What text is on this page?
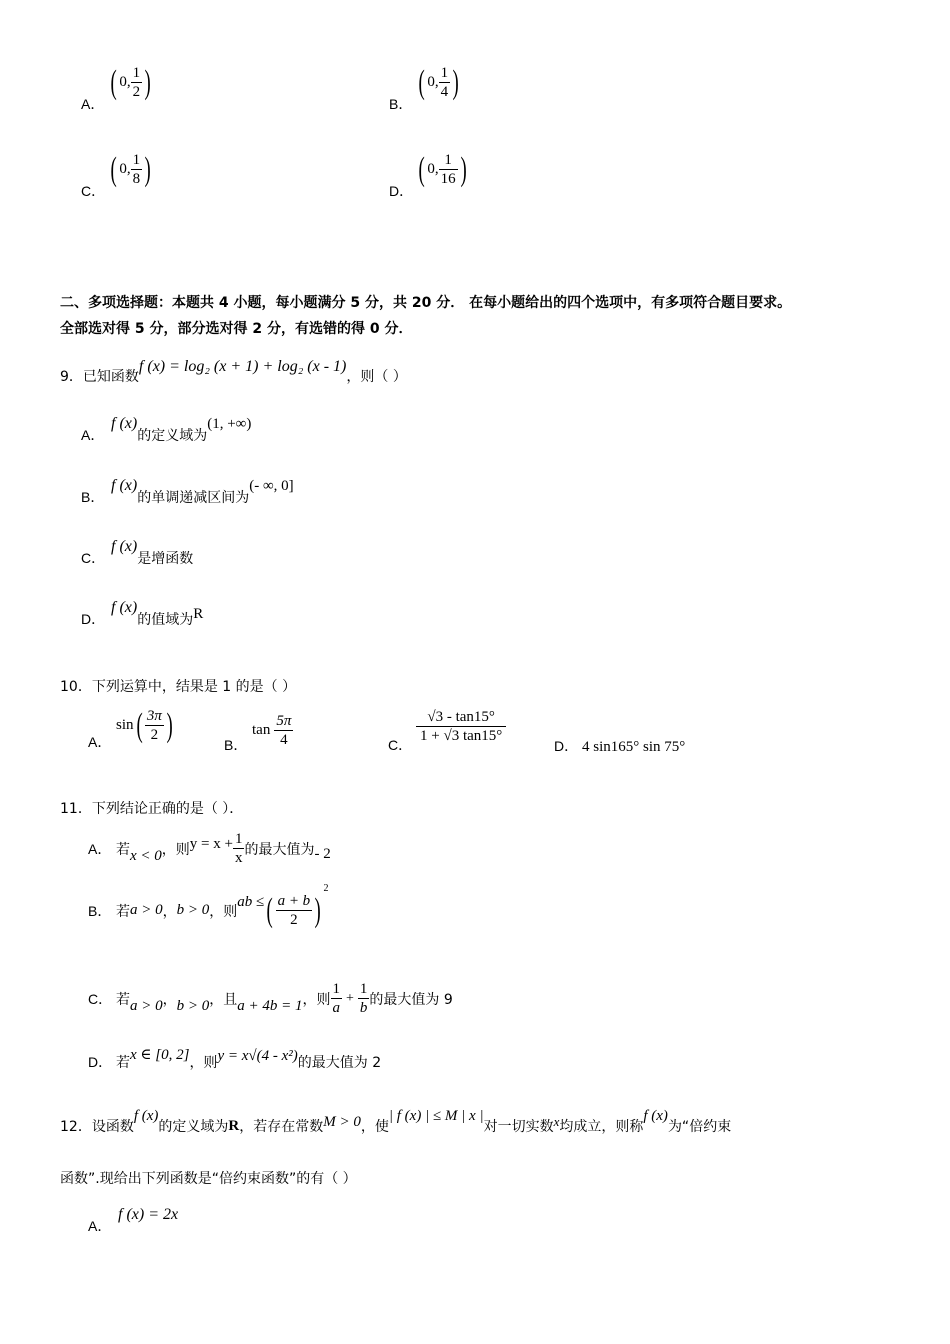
A．
( 0, $\frac{1}{2}$ )
B．
( 0, $\frac{1}{4}$ )
C．
( 0, $\frac{1}{8}$ )
D．
( 0, $\frac{1}{16}$ )
二、多项选择题：本题共 4 小题，每小题满分 5 分，共 20 分． 在每小题给出的四个选项中，有多项符合题目要求。
全部选对得 5 分，部分选对得 2 分，有选错的得 0 分．
9．已知函数f (x) = log₂ (x + 1) + log₂ (x - 1)，则（ ）
A．f (x)的定义域为(1, +∞)
B．f (x)的单调递减区间为(- ∞, 0]
C．f (x)是增函数
D．f (x)的值域为R
10．下列运算中，结果是 1 的是（ ）
A．
sin ( $\frac{3\pi}{2}$ )
B．
$\tan \frac{5\pi}{4}$	C． $\frac{√3 - \tan 15^\circ}{1 + √3 \tan 15^\circ}$
D． 4 sin165° sin 75°
11．下列结论正确的是（ ）．
A． 若 x < 0 ，则 $y = x + \frac{1}{x}$ 的最大值为 - 2
B． 若 a > 0 ， b > 0 ，则
ab ≤ ( $\frac{a + b}{2}$ )
2
C． 若 a > 0 ， b > 0 ，且 a + 4b = 1 ，则 $\frac{1}{a} + \frac{1}{b}$ 的最大值为 9
D． 若
x ∈ [0, 2]
，则 y = x√(4 - x²) 的最大值为 2
12．设函数
f (x)
的定义域为 R ，若存在常数 M > 0 ，使
| f (x) | ≤ M | x |
对一切实数 x 均成立，则称
f (x)
为“倍约束
函数”.现给出下列函数是“倍约束函数”的有（ ）
A．f (x) = 2x
